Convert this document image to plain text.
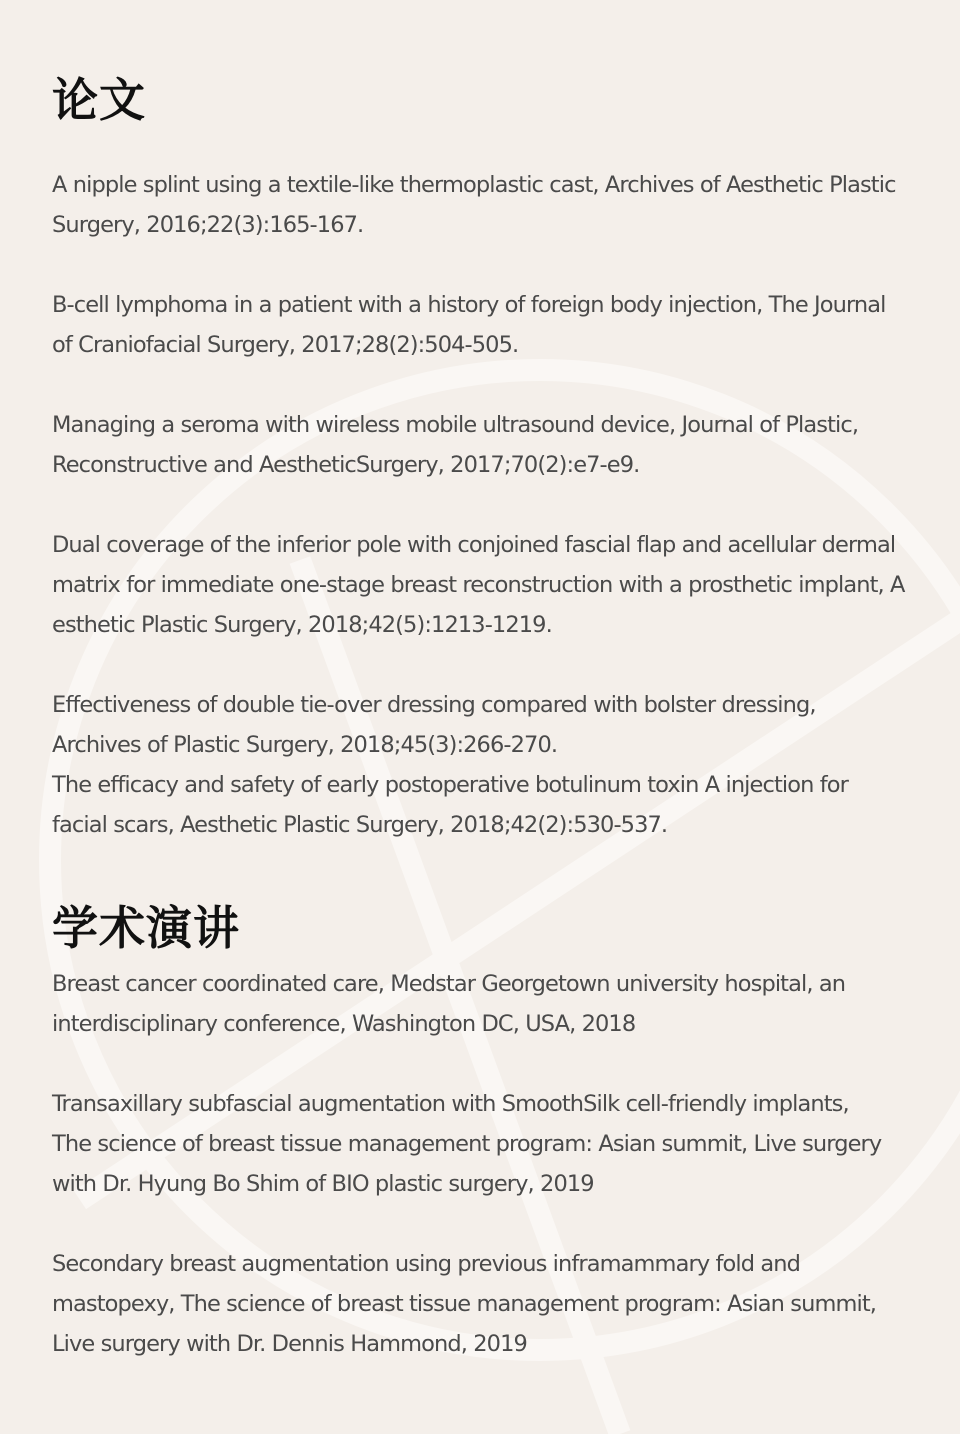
论文

A nipple splint using a textile-like thermoplastic cast, Archives of Aesthetic Plastic
Surgery, 2016;22(3):165-167.

B-cell lymphoma in a patient with a history of foreign body injection, The Journal
of Craniofacial Surgery, 2017;28(2):504-505.

Managing a seroma with wireless mobile ultrasound device, Journal of Plastic,
Reconstructive and AestheticSurgery, 2017;70(2):e7-e9.

Dual coverage of the inferior pole with conjoined fascial flap and acellular dermal
matrix for immediate one-stage breast reconstruction with a prosthetic implant, A
esthetic Plastic Surgery, 2018;42(5):1213-1219.

Effectiveness of double tie-over dressing compared with bolster dressing,
Archives of Plastic Surgery, 2018;45(3):266-270.

The efficacy and safety of early postoperative botulinum toxin A injection for
facial scars, Aesthetic Plastic Surgery, 2018;42(2):530-537.

学术演讲

Breast cancer coordinated care, Medstar Georgetown university hospital, an
interdisciplinary conference, Washington DC, USA, 2018

Transaxillary subfascial augmentation with SmoothSilk cell-friendly implants,
The science of breast tissue management program: Asian summit, Live surgery
with Dr. Hyung Bo Shim of BIO plastic surgery, 2019

Secondary breast augmentation using previous inframammary fold and
mastopexy, The science of breast tissue management program: Asian summit,
Live surgery with Dr. Dennis Hammond, 2019
